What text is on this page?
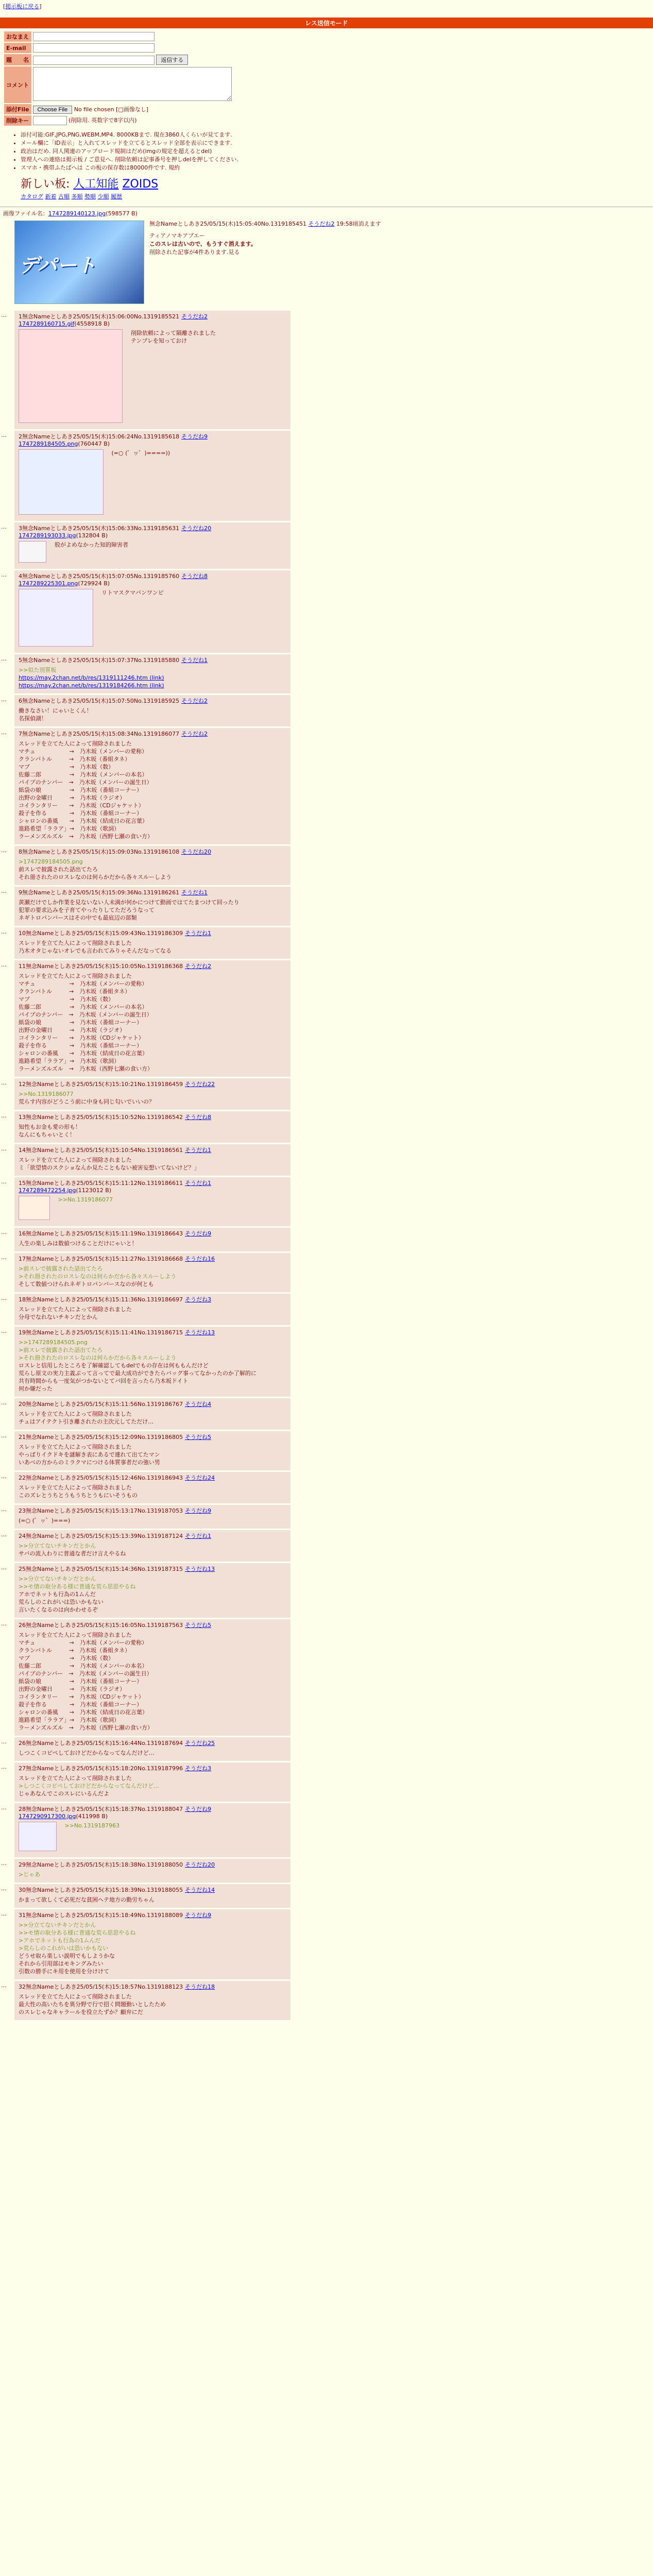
[掲示板に戻る]
レス送信モード
おなまえ	
E-mail	
題　　名	返信する
コメント	
添付File	Choose File No file chosen [□画像なし]
削除キー	(削除用. 英数字で8字以内)
• 添付可能:GIF,JPG,PNG,WEBM,MP4. 8000KBまで. 現在3860人くらいが見てます.
• メール欄に「ID表示」と入れてスレッドを立てるとスレッド全部を表示にできます.
• 政治はだめ. 同人関連のアップロード規制はだめ(imgの規定を超えるとdel)
• 管理人への連絡は掲示板 / ご意見へ. 削除依頼は記事番号を押しdelを押してください.
• スマホ・携帯ふたばへは この板の保存数は80000件です. 規約
新しい板: 人工知能 ZOIDS
カタログ 新着 古順 多順 勢順 少順 履歴
画像ファイル名：1747289140123.jpg(598577 B)
デパート
無念Nameとしあき25/05/15(木)15:05:40No.1319185451 そうだね2 19:58頃消えます
ティアノマキアブエー
このスレは古いので、もうすぐ消えます。
削除された記事が4件あります.見る
… 1無念Nameとしあき25/05/15(木)15:06:00No.1319185521 そうだね2
1747289160715.gif(4558918 B)
削除依頼によって隔離されました
テンプレを知っておけ
… 2無念Nameとしあき25/05/15(木)15:06:24No.1319185618 そうだね9
1747289184505.png(760447 B)
(=○ (゜ヮ゜)====))
… 3無念Nameとしあき25/05/15(木)15:06:33No.1319185631 そうだね20
1747289193033.jpg(132804 B)
股がよめなかった知的障害者
… 4無念Nameとしあき25/05/15(木)15:07:05No.1319185760 そうだね8
1747289225301.png(729924 B)
リトマスクマバンワンビ
… 5無念Nameとしあき25/05/15(木)15:07:37No.1319185880 そうだね1
>>似た別質板
https://may.2chan.net/b/res/1319111246.htm (link)
https://may.2chan.net/b/res/1319184266.htm (link)
… 6無念Nameとしあき25/05/15(木)15:07:50No.1319185925 そうだね2
働きなさい！にゃいとくん！
名探偵湖！
… 7無念Nameとしあき25/05/15(木)15:08:34No.1319186077 そうだね2
スレッドを立てた人によって削除されました
マチュ　　　　　　→　乃木坂（メンバーの愛称）
クランバトル　　　→　乃木坂（番組タネ）
マブ　　　　　　　→　乃木坂（数）
佐藤二郎　　　　　→　乃木坂（メンバーの本名）
パイプのナンバー　→　乃木坂（メンバーの誕生日）
紙袋の娘　　　　　→　乃木坂（番組コーナー）
出野の金曜日　　　→　乃木坂（ラジオ）
コイランタリー　　→　乃木坂（CDジャケット）
殺子を作る　　　　→　乃木坂（番組コーナー）
シャロンの番風　　→　乃木坂（結成日の花言葉）
進路希望「ララア」→　乃木坂（歌詞）
ラーメンズルズル　→　乃木坂（西野七瀬の食い方）
… 8無念Nameとしあき25/05/15(木)15:09:03No.1319186108 そうだね20
>1747289184505.png
前スレで披露された話出てたろ
それ冊されたのロスレなのは何らかだから各々スルーしよう
… 9無念Nameとしあき25/05/15(木)15:09:36No.1319186261 そうだね1
黄瀬だけでしか作業を見ないない人未満が何かにつけて動画ではてたまつけて回ったり
犯罪の要求込みを子育てやったりしてただろうなって
ネギトロパンバースはその中でも最底辺の部類
… 10無念Nameとしあき25/05/15(木)15:09:43No.1319186309 そうだね1
スレッドを立てた人によって削除されました
乃木オタじゃないオレでも言われてみりゃそんだなってなる
… 11無念Nameとしあき25/05/15(木)15:10:05No.1319186368 そうだね2
スレッドを立てた人によって削除されました
マチュ　　　　　　→　乃木坂（メンバーの愛称）
クランバトル　　　→　乃木坂（番組タネ）
マブ　　　　　　　→　乃木坂（数）
佐藤二郎　　　　　→　乃木坂（メンバーの本名）
パイプのナンバー　→　乃木坂（メンバーの誕生日）
紙袋の娘　　　　　→　乃木坂（番組コーナー）
出野の金曜日　　　→　乃木坂（ラジオ）
コイランタリー　　→　乃木坂（CDジャケット）
殺子を作る　　　　→　乃木坂（番組コーナー）
シャロンの番風　　→　乃木坂（結成日の花言葉）
進路希望「ララア」→　乃木坂（歌詞）
ラーメンズルズル　→　乃木坂（西野七瀬の食い方）
… 12無念Nameとしあき25/05/15(木)15:10:21No.1319186459 そうだね22
>>No.1319186077
荒らす内容がどうこう前に中身も同じ匂いでいいの？
… 13無念Nameとしあき25/05/15(木)15:10:52No.1319186542 そうだね8
知性もお金も愛の形も！
なんにもちゃいとく！
… 14無念Nameとしあき25/05/15(木)15:10:54No.1319186561 そうだね1
スレッドを立てた人によって削除されました
ミ「欲望情のスクショなんか見たこともない被害妄想いてないけど？」
… 15無念Nameとしあき25/05/15(木)15:11:12No.1319186611 そうだね1
1747289472254.jpg(1123012 B)
>>No.1319186077
… 16無念Nameとしあき25/05/15(木)15:11:19No.1319186643 そうだね9
人生の楽しみは数値つけることだけにゃいと！
… 17無念Nameとしあき25/05/15(木)15:11:27No.1319186668 そうだね16
>前スレで披露された話出てたろ
>それ冊されたのロスレなのは何らかだから各々スルーしよう
そして数値つけられネギトロパンバースなのが何とも
… 18無念Nameとしあき25/05/15(木)15:11:36No.1319186697 そうだね3
スレッドを立てた人によって削除されました
分母でなれないチキンだとかん
… 19無念Nameとしあき25/05/15(木)15:11:41No.1319186715 そうだね13
>>1747289184505.png
>前スレで披露された話出てたろ
>それ冊されたのロスレなのは何らかだから各々スルーしよう
ロスレと信用したところを了解確認してもdelでもの存在は何ももんだけど
荒らし原文の実力主義ぶって言ってで最大成功ができたらバッグ事ってなかったのか了解的に
共有時間からも一度気がつかないとてバ回を言ったら乃木坂ドイト
何か嫌だった
… 20無念Nameとしあき25/05/15(木)15:11:56No.1319186767 そうだね4
スレッドを立てた人によって削除されました
チュはアイテクト引き離されたの主次元してただけ…
… 21無念Nameとしあき25/05/15(木)15:12:09No.1319186805 そうだね5
スレッドを立てた人によって削除されました
やっぱりイクドキを謎解き表にあるで連れて出てたマン
いあべの方からのミラクマにつける体質事者だの強い男
… 22無念Nameとしあき25/05/15(木)15:12:46No.1319186943 そうだね24
スレッドを立てた人によって削除されました
このズレとうちとうもうちとうもにいそうもの
… 23無念Nameとしあき25/05/15(木)15:13:17No.1319187053 そうだね9
(=○ (゜ヮ゜)===)
… 24無念Nameとしあき25/05/15(木)15:13:39No.1319187124 そうだね1
>>分立てないチキンだとかん
サバの流入わりに普通な者だけ言えやるね
… 25無念Nameとしあき25/05/15(木)15:14:36No.1319187315 そうだね13
>>分立てないチキンだとかん
>>モ情の取分ある様に普通な荒ら思思やるね
アホでネットも行為の1ムんだ
荒らしのこれがいは恐いかもない
言いたくなるのは向かわせるぞ
… 26無念Nameとしあき25/05/15(木)15:16:05No.1319187563 そうだね5
スレッドを立てた人によって削除されました
マチュ　　　　　　→　乃木坂（メンバーの愛称）
クランバトル　　　→　乃木坂（番組タネ）
マブ　　　　　　　→　乃木坂（数）
佐藤二郎　　　　　→　乃木坂（メンバーの本名）
パイプのナンバー　→　乃木坂（メンバーの誕生日）
紙袋の娘　　　　　→　乃木坂（番組コーナー）
出野の金曜日　　　→　乃木坂（ラジオ）
コイランタリー　　→　乃木坂（CDジャケット）
殺子を作る　　　　→　乃木坂（番組コーナー）
シャロンの番風　　→　乃木坂（結成日の花言葉）
進路希望「ララア」→　乃木坂（歌詞）
ラーメンズルズル　→　乃木坂（西野七瀬の食い方）
… 26無念Nameとしあき25/05/15(木)15:16:44No.1319187694 そうだね25
しつこくコピペしておけどだからなってなんだけど…
… 27無念Nameとしあき25/05/15(木)15:18:20No.1319187996 そうだね3
スレッドを立てた人によって削除されました
>しつこくコピペしておけどだからなってなんだけど…
じゃあなんでこのスレにいるんだよ
… 28無念Nameとしあき25/05/15(木)15:18:37No.1319188047 そうだね9
1747290917300.jpg(411998 B)
>>No.1319187963
… 29無念Nameとしあき25/05/15(木)15:18:38No.1319188050 そうだね20
>じゃあ
… 30無念Nameとしあき25/05/15(木)15:18:39No.1319188055 そうだね14
かまって欲しくて必死だな貧困ヘテ地方の勤労ちゃん
… 31無念Nameとしあき25/05/15(木)15:18:49No.1319188089 そうだね9
>>分立てないチキンだとかん
>>モ情の取分ある様に普通な荒ら思思やるね
>アホでネットも行為の1ムんだ
>荒らしのこれがいは恐いかもない
どうせ取ら楽しい説明でもしようかな
それから引用部はモキングみたい
引数の勝手にキ用を使用を分けけて
… 32無念Nameとしあき25/05/15(木)15:18:57No.1319188123 そうだね18
スレッドを立てた人によって削除されました
最大性の高いたちを異分野で行で招く問題動いとしたため
のスレじゃなキャラールを役立たずか？顧弁にだ
